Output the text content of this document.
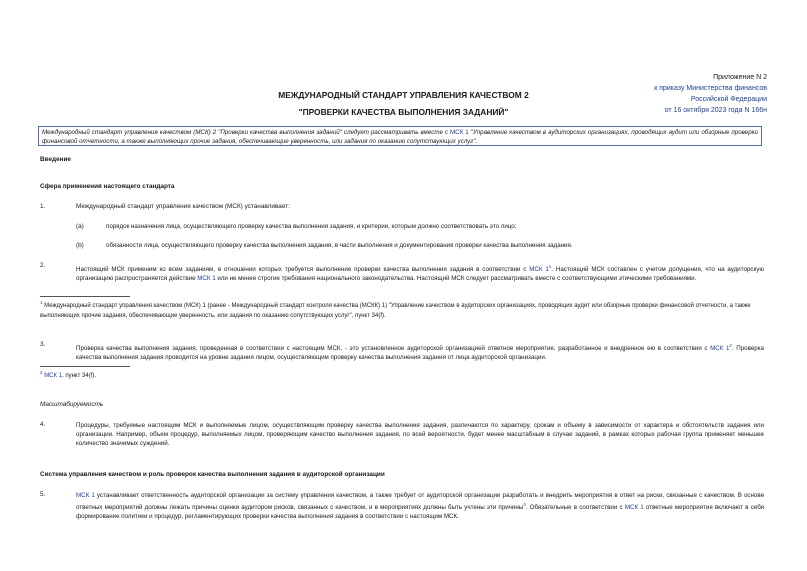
Приложение N 2
к приказу Министерства финансов
Российской Федерации
от 16 октября 2023 года N 166н
МЕЖДУНАРОДНЫЙ СТАНДАРТ УПРАВЛЕНИЯ КАЧЕСТВОМ 2
"ПРОВЕРКИ КАЧЕСТВА ВЫПОЛНЕНИЯ ЗАДАНИЙ"
Международный стандарт управления качеством (МСК) 2 "Проверки качества выполнения заданий" следует рассматривать вместе с МСК 1 "Управление качеством в аудиторских организациях, проводящих аудит или обзорные проверки финансовой отчетности, а также выполняющих прочие задания, обеспечивающие уверенность, или задания по оказанию сопутствующих услуг".
Введение
Сфера применения настоящего стандарта
1.	Международный стандарт управления качеством (МСК) устанавливает:
(a)	порядок назначения лица, осуществляющего проверку качества выполнения задания, и критерии, которым должно соответствовать это лицо;
(b)	обязанности лица, осуществляющего проверку качества выполнения задания, в части выполнения и документирования проверки качества выполнения задания.
2.
Настоящий МСК применим ко всем заданиям, в отношении которых требуется выполнение проверки качества выполнения задания в соответствии с МСК $1^1$. Настоящий МСК составлен с учетом допущения, что на аудиторскую организацию распространяется действие МСК 1 или не менее строгие требования национального законодательства. Настоящий МСК следует рассматривать вместе с соответствующими этическими требованиями.
$^1$ Международный стандарт управления качеством (МСК) 1 (ранее - Международный стандарт контроля качества (МСКК) 1) "Управление качеством в аудиторских организациях, проводящих аудит или обзорные проверки финансовой отчетности, а также выполняющих прочие задания, обеспечивающие уверенность, или задания по оказанию сопутствующих услуг", пункт 34(f).
3.
Проверка качества выполнения задания, проведенная в соответствии с настоящим МСК, - это установленное аудиторской организацией ответное мероприятие, разработанное и внедренное ею в соответствии с МСК $1^2$. Проверка качества выполнения задания проводится на уровне задания лицом, осуществляющим проверку качества выполнения задания от лица аудиторской организации.
$^2$ МСК 1, пункт 34(f).
Масштабируемость
4.	Процедуры, требуемые настоящим МСК и выполняемые лицом, осуществляющим проверку качества выполнения задания, различаются по характеру, срокам и объему в зависимости от характера и обстоятельств задания или организации. Например, объем процедур, выполняемых лицом, проверяющим качество выполнения задания, по всей вероятности, будет менее масштабным в случае заданий, в рамках которых рабочая группа применяет меньшее количество значимых суждений.
Система управления качеством и роль проверок качества выполнения задания в аудиторской организации
5.	МСК 1 устанавливает ответственность аудиторской организации за систему управления качеством, а также требует от аудиторской организации разработать и внедрить мероприятия в ответ на риски, связанные с качеством. В основе ответных мероприятий должны лежать причины оценки аудитором рисков, связанных с качеством, и в мероприятиях должны быть учтены эти причины$^3$. Обязательные в соответствии с МСК 1 ответные мероприятия включают в себя формирование политики и процедур, регламентирующих проверки качества выполнения задания в соответствии с настоящим МСК.
